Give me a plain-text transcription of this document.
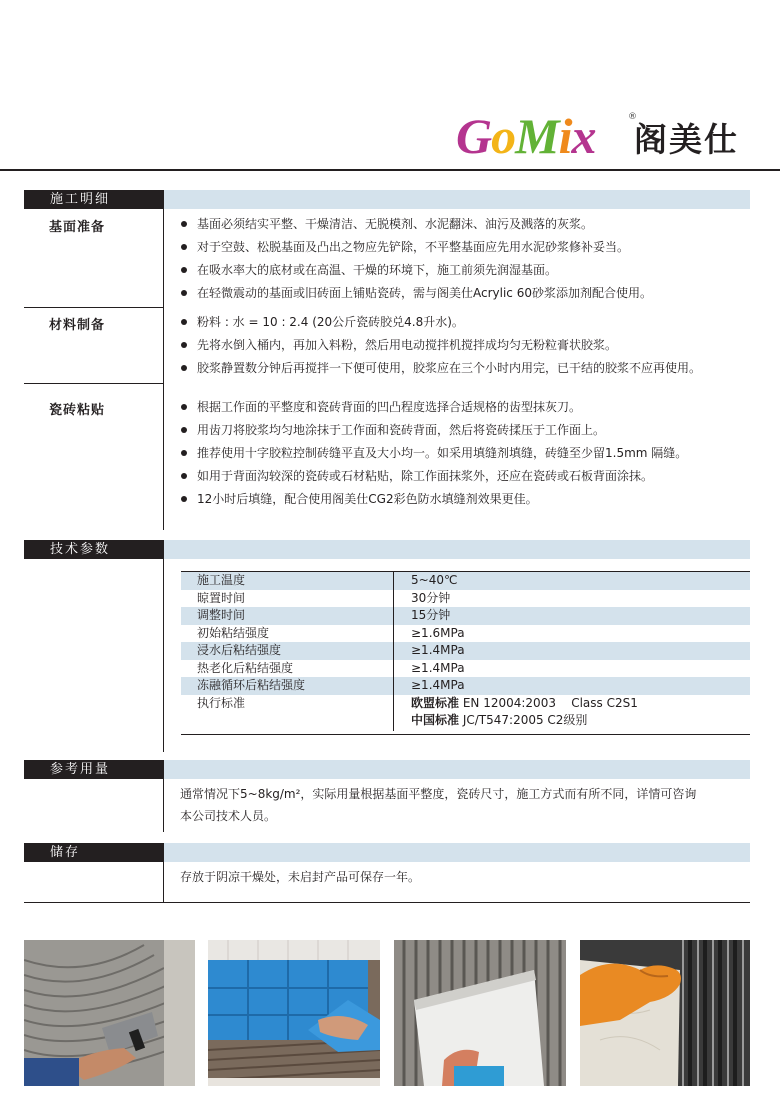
GoMix	®
阁美仕
施工明细
基面准备	基面必须结实平整、干燥清洁、无脱模剂、水泥翻沫、油污及溅落的灰浆。
对于空鼓、松脱基面及凸出之物应先铲除，不平整基面应先用水泥砂浆修补妥当。
在吸水率大的底材或在高温、干燥的环境下，施工前须先润湿基面。
在轻微震动的基面或旧砖面上铺贴瓷砖，需与阁美仕Acrylic 60砂浆添加剂配合使用。
材料制备	粉料 : 水 = 10 : 2.4 (20公斤瓷砖胶兑4.8升水)。
先将水倒入桶内，再加入料粉，然后用电动搅拌机搅拌成均匀无粉粒膏状胶浆。
胶浆静置数分钟后再搅拌一下便可使用，胶浆应在三个小时内用完，已干结的胶浆不应再使用。
瓷砖粘贴	根据工作面的平整度和瓷砖背面的凹凸程度选择合适规格的齿型抹灰刀。
用齿刀将胶浆均匀地涂抹于工作面和瓷砖背面，然后将瓷砖揉压于工作面上。
推荐使用十字胶粒控制砖缝平直及大小均一。如采用填缝剂填缝，砖缝至少留1.5mm 隔缝。
如用于背面沟较深的瓷砖或石材粘贴，除工作面抹浆外，还应在瓷砖或石板背面涂抹。
12小时后填缝，配合使用阁美仕CG2彩色防水填缝剂效果更佳。
技术参数
施工温度	5~40℃
晾置时间	30分钟
调整时间	15分钟
初始粘结强度	≥1.6MPa
浸水后粘结强度	≥1.4MPa
热老化后粘结强度	≥1.4MPa
冻融循环后粘结强度	≥1.4MPa
执行标准	欧盟标准 EN 12004:2003    Class C2S1
中国标准 JC/T547:2005 C2级别
参考用量
通常情况下5~8kg/m²，实际用量根据基面平整度，瓷砖尺寸，施工方式而有所不同，详情可咨询
本公司技术人员。
储存
存放于阴凉干燥处，未启封产品可保存一年。
